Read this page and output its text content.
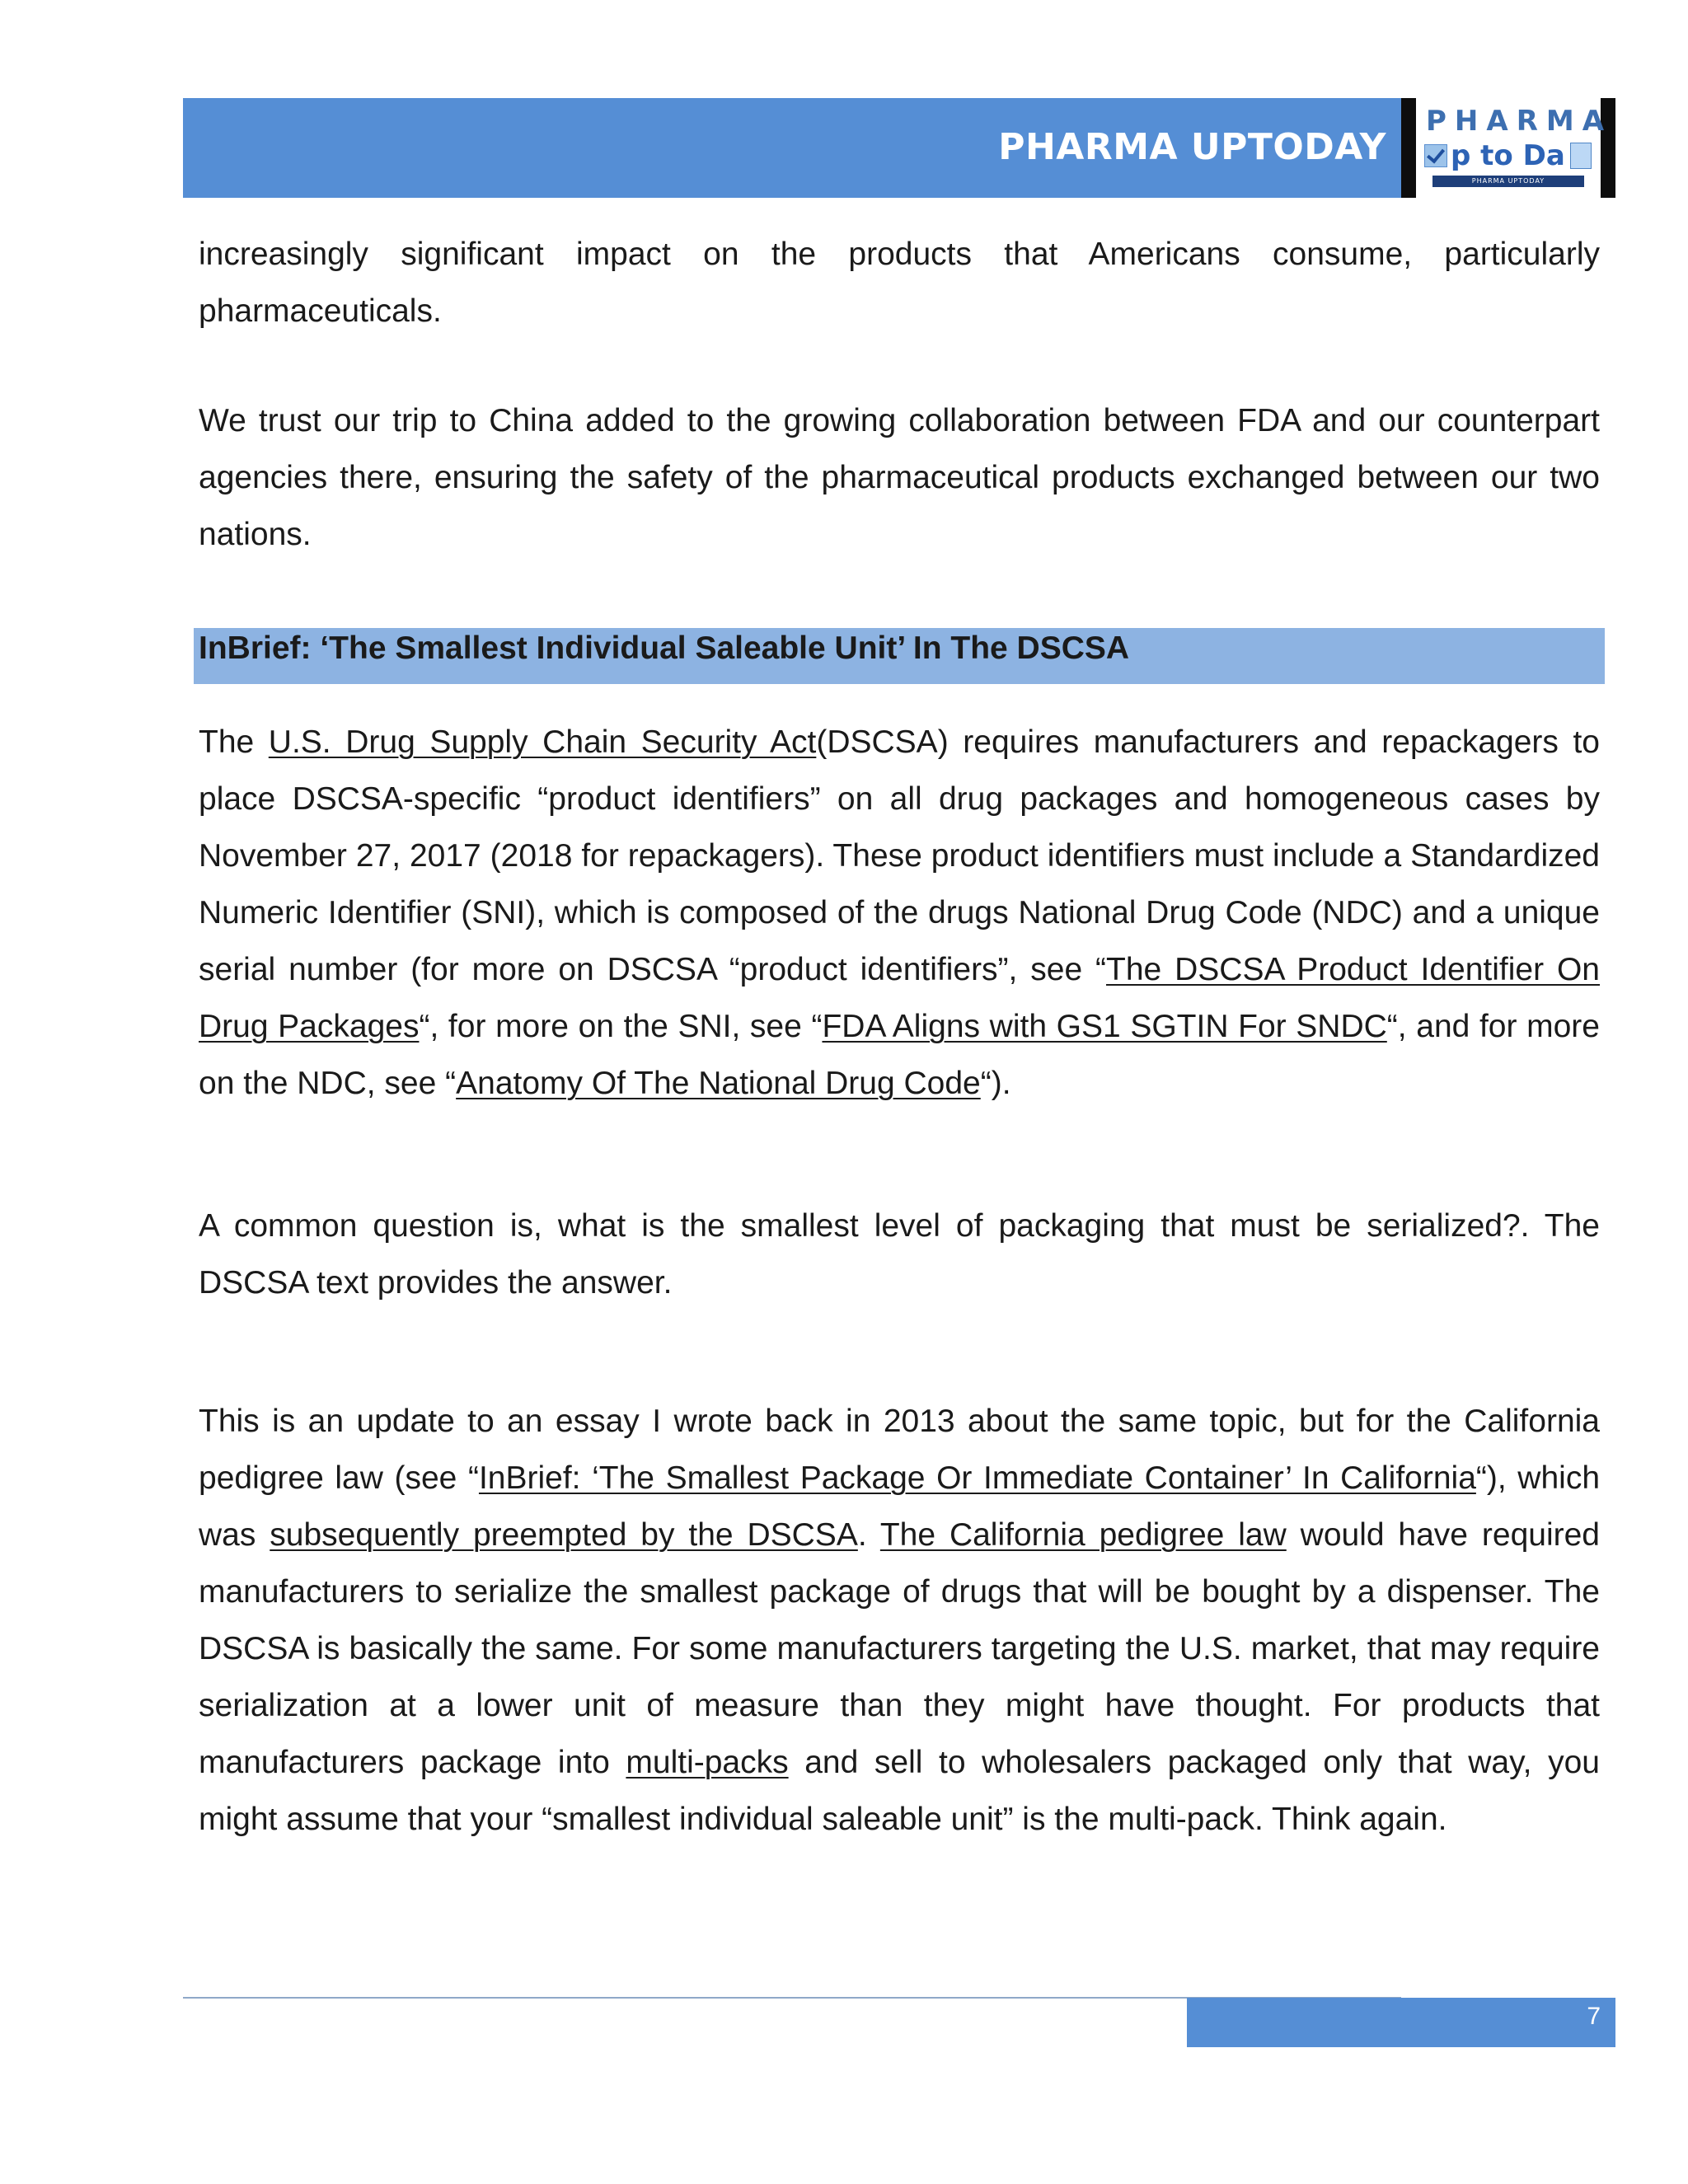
PHARMA UPTODAY
PHARMA
p to Da
PHARMA UPTODAY

increasingly significant impact on the products that Americans consume, particularly pharmaceuticals.

We trust our trip to China added to the growing collaboration between FDA and our counterpart agencies there, ensuring the safety of the pharmaceutical products exchanged between our two nations.

InBrief: ‘The Smallest Individual Saleable Unit’ In The DSCSA

The U.S. Drug Supply Chain Security Act(DSCSA) requires manufacturers and repackagers to place DSCSA-specific “product identifiers” on all drug packages and homogeneous cases by November 27, 2017 (2018 for repackagers). These product identifiers must include a Standardized Numeric Identifier (SNI), which is composed of the drugs National Drug Code (NDC) and a unique serial number (for more on DSCSA “product identifiers”, see “The DSCSA Product Identifier On Drug Packages“, for more on the SNI, see “FDA Aligns with GS1 SGTIN For SNDC“, and for more on the NDC, see “Anatomy Of The National Drug Code“).

A common question is, what is the smallest level of packaging that must be serialized?. The DSCSA text provides the answer.

This is an update to an essay I wrote back in 2013 about the same topic, but for the California pedigree law (see “InBrief: ‘The Smallest Package Or Immediate Container’ In California“), which was subsequently preempted by the DSCSA. The California pedigree law would have required manufacturers to serialize the smallest package of drugs that will be bought by a dispenser. The DSCSA is basically the same. For some manufacturers targeting the U.S. market, that may require serialization at a lower unit of measure than they might have thought. For products that manufacturers package into multi-packs and sell to wholesalers packaged only that way, you might assume that your “smallest individual saleable unit” is the multi-pack. Think again.

7
